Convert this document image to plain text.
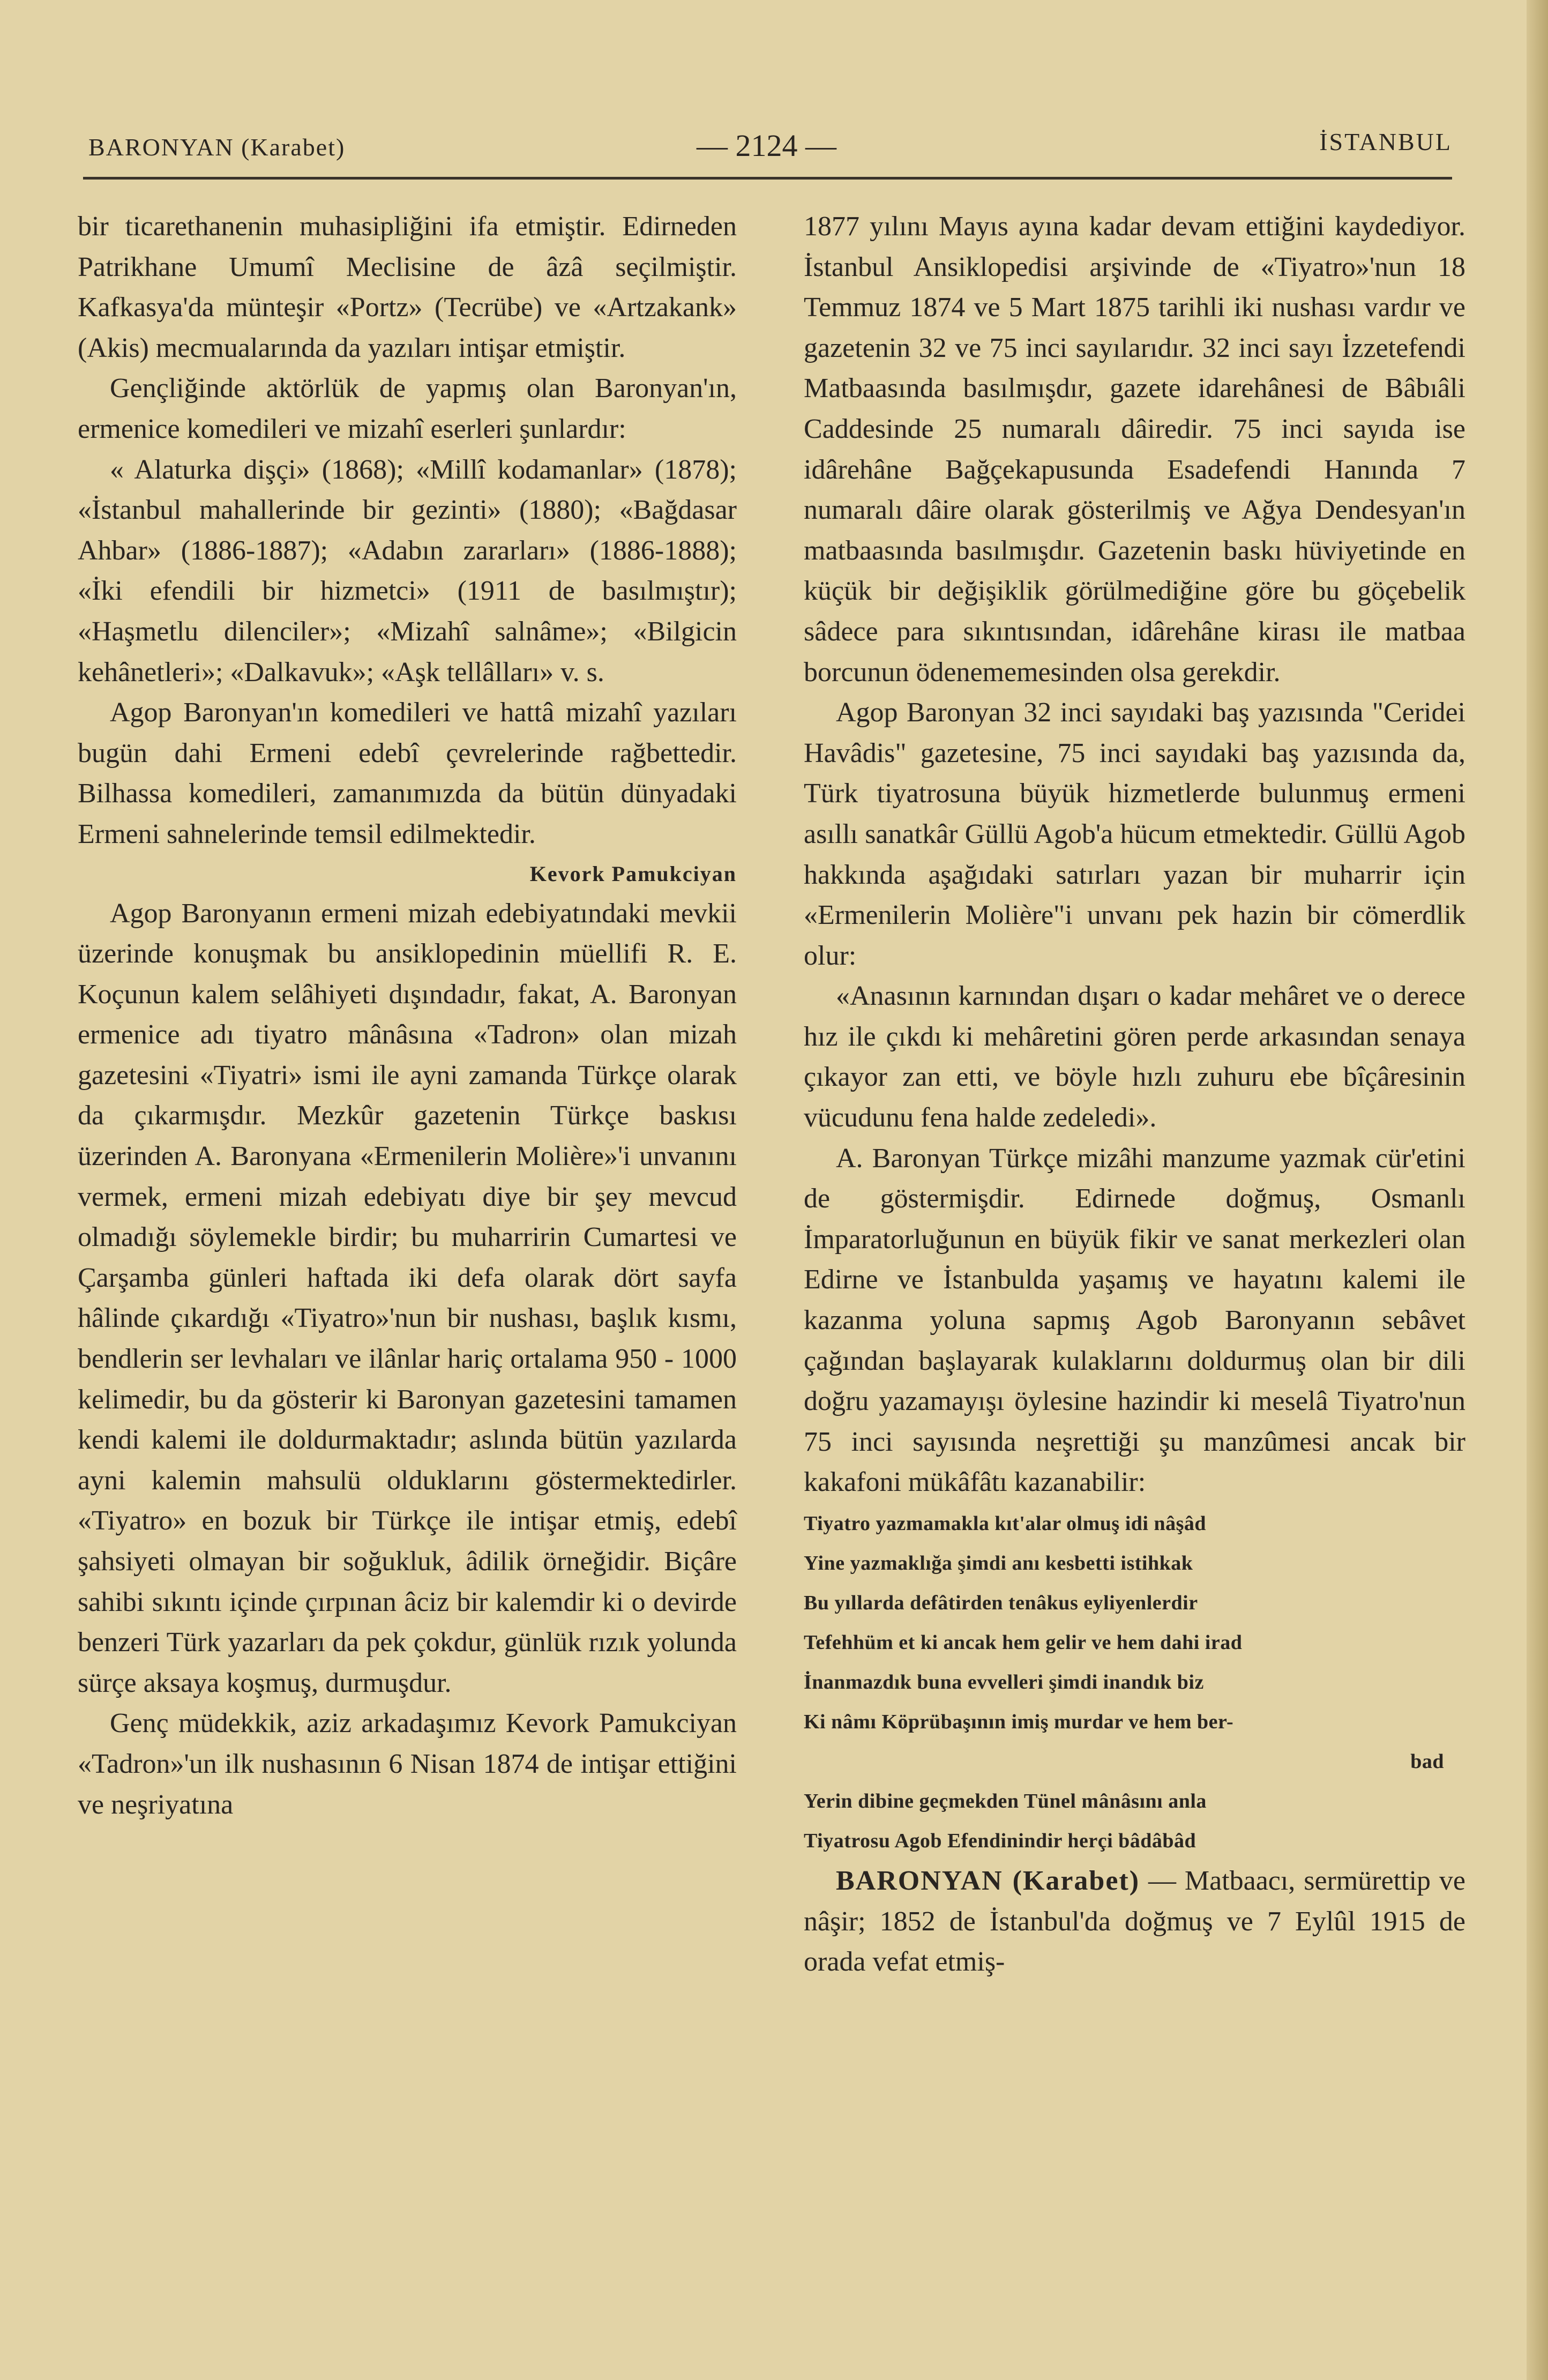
BARONYAN (Karabet)	— 2124 —	İSTANBUL

bir ticarethanenin muhasipliğini ifa etmiştir. Edirneden Patrikhane Umumî Meclisine de âzâ seçilmiştir. Kafkasya'da münteşir «Portz» (Tecrübe) ve «Artzakank» (Akis) mecmualarında da yazıları intişar etmiştir.

Gençliğinde aktörlük de yapmış olan Baronyan'ın, ermenice komedileri ve mizahî eserleri şunlardır:

« Alaturka dişçi» (1868); «Millî kodamanlar» (1878); «İstanbul mahallerinde bir gezinti» (1880); «Bağdasar Ahbar» (1886-1887); «Adabın zararları» (1886-1888); «İki efendili bir hizmetci» (1911 de basılmıştır); «Haşmetlu dilenciler»; «Mizahî salnâme»; «Bilgicin kehânetleri»; «Dalkavuk»; «Aşk tellâlları» v. s.

Agop Baronyan'ın komedileri ve hattâ mizahî yazıları bugün dahi Ermeni edebî çevrelerinde rağbettedir. Bilhassa komedileri, zamanımızda da bütün dünyadaki Ermeni sahnelerinde temsil edilmektedir.

Kevork Pamukciyan

Agop Baronyanın ermeni mizah edebiyatındaki mevkii üzerinde konuşmak bu ansiklopedinin müellifi R. E. Koçunun kalem selâhiyeti dışındadır, fakat, A. Baronyan ermenice adı tiyatro mânâsına «Tadron» olan mizah gazetesini «Tiyatri» ismi ile ayni zamanda Türkçe olarak da çıkarmışdır. Mezkûr gazetenin Türkçe baskısı üzerinden A. Baronyana «Ermenilerin Molière»'i unvanını vermek, ermeni mizah edebiyatı diye bir şey mevcud olmadığı söylemekle birdir; bu muharririn Cumartesi ve Çarşamba günleri haftada iki defa olarak dört sayfa hâlinde çıkardığı «Tiyatro»'nun bir nushası, başlık kısmı, bendlerin ser levhaları ve ilânlar hariç ortalama 950 - 1000 kelimedir, bu da gösterir ki Baronyan gazetesini tamamen kendi kalemi ile doldurmaktadır; aslında bütün yazılarda ayni kalemin mahsulü olduklarını göstermektedirler. «Tiyatro» en bozuk bir Türkçe ile intişar etmiş, edebî şahsiyeti olmayan bir soğukluk, âdilik örneğidir. Biçâre sahibi sıkıntı içinde çırpınan âciz bir kalemdir ki o devirde benzeri Türk yazarları da pek çokdur, günlük rızık yolunda sürçe aksaya koşmuş, durmuşdur.

Genç müdekkik, aziz arkadaşımız Kevork Pamukciyan «Tadron»'un ilk nushasının 6 Nisan 1874 de intişar ettiğini ve neşriyatına

1877 yılını Mayıs ayına kadar devam ettiğini kaydediyor. İstanbul Ansiklopedisi arşivinde de «Tiyatro»'nun 18 Temmuz 1874 ve 5 Mart 1875 tarihli iki nushası vardır ve gazetenin 32 ve 75 inci sayılarıdır. 32 inci sayı İzzetefendi Matbaasında basılmışdır, gazete idarehânesi de Bâbıâli Caddesinde 25 numaralı dâiredir. 75 inci sayıda ise idârehâne Bağçekapusunda Esadefendi Hanında 7 numaralı dâire olarak gösterilmiş ve Ağya Dendesyan'ın matbaasında basılmışdır. Gazetenin baskı hüviyetinde en küçük bir değişiklik görülmediğine göre bu göçebelik sâdece para sıkıntısından, idârehâne kirası ile matbaa borcunun ödenememesinden olsa gerekdir.

Agop Baronyan 32 inci sayıdaki baş yazısında "Ceridei Havâdis" gazetesine, 75 inci sayıdaki baş yazısında da, Türk tiyatrosuna büyük hizmetlerde bulunmuş ermeni asıllı sanatkâr Güllü Agob'a hücum etmektedir. Güllü Agob hakkında aşağıdaki satırları yazan bir muharrir için «Ermenilerin Molière"i unvanı pek hazin bir cömerdlik olur:

«Anasının karnından dışarı o kadar mehâret ve o derece hız ile çıkdı ki mehâretini gören perde arkasından senaya çıkayor zan etti, ve böyle hızlı zuhuru ebe bîçâresinin vücudunu fena halde zedeledi».

A. Baronyan Türkçe mizâhi manzume yazmak cür'etini de göstermişdir. Edirnede doğmuş, Osmanlı İmparatorluğunun en büyük fikir ve sanat merkezleri olan Edirne ve İstanbulda yaşamış ve hayatını kalemi ile kazanma yoluna sapmış Agob Baronyanın sebâvet çağından başlayarak kulaklarını doldurmuş olan bir dili doğru yazamayışı öylesine hazindir ki meselâ Tiyatro'nun 75 inci sayısında neşrettiği şu manzûmesi ancak bir kakafoni mükâfâtı kazanabilir:

Tiyatro yazmamakla kıt'alar olmuş idi nâşâd
Yine yazmaklığa şimdi anı kesbetti istihkak
Bu yıllarda defâtirden tenâkus eyliyenlerdir
Tefehhüm et ki ancak hem gelir ve hem dahi irad
İnanmazdık buna evvelleri şimdi inandık biz
Ki nâmı Köprübaşının imiş murdar ve hem ber-
bad
Yerin dibine geçmekden Tünel mânâsını anla
Tiyatrosu Agob Efendinindir herçi bâdâbâd

BARONYAN (Karabet) — Matbaacı, sermürettip ve nâşir; 1852 de İstanbul'da doğmuş ve 7 Eylûl 1915 de orada vefat etmiş-
